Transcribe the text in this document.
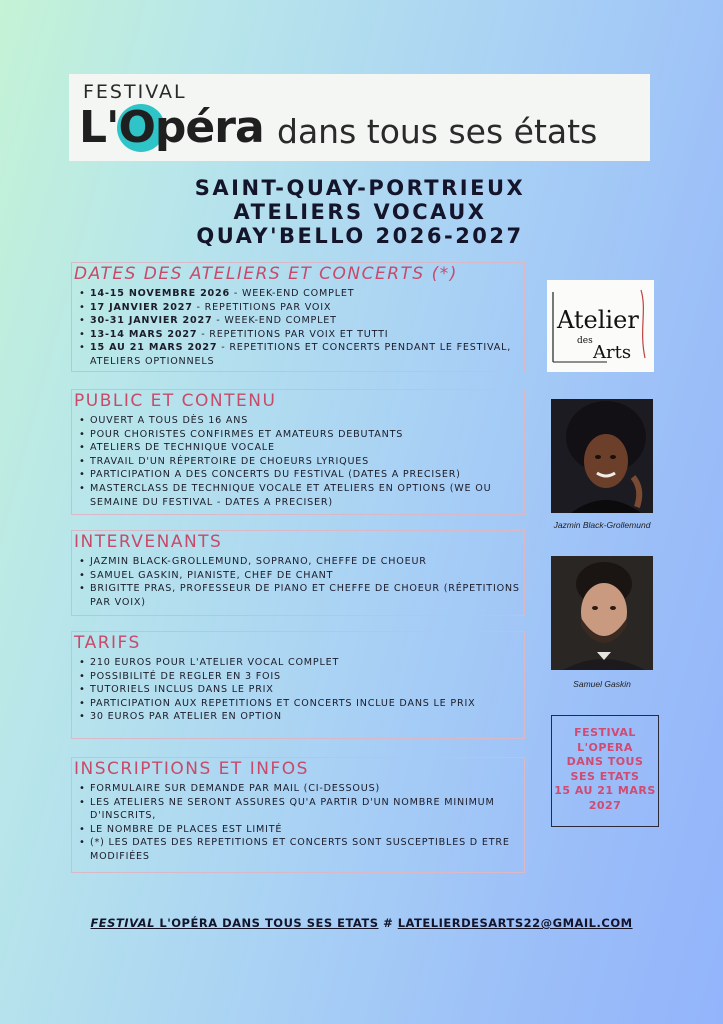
FESTIVAL
L'Opéra dans tous ses états
SAINT-QUAY-PORTRIEUX
ATELIERS VOCAUX
QUAY'BELLO 2026-2027
DATES DES ATELIERS ET CONCERTS (*)
• 14-15 NOVEMBRE 2026 - WEEK-END COMPLET
• 17 JANVIER 2027 - REPETITIONS PAR VOIX
• 30-31 JANVIER 2027 - WEEK-END COMPLET
• 13-14 MARS 2027 - REPETITIONS PAR VOIX ET TUTTI
• 15 AU 21 MARS 2027 - REPETITIONS ET CONCERTS PENDANT LE FESTIVAL, ATELIERS OPTIONNELS
PUBLIC ET CONTENU
• OUVERT A TOUS DÈS 16 ANS
• POUR CHORISTES CONFIRMES ET AMATEURS DEBUTANTS
• ATELIERS DE TECHNIQUE VOCALE
• TRAVAIL D'UN RÉPERTOIRE DE CHOEURS LYRIQUES
• PARTICIPATION A DES CONCERTS DU FESTIVAL (DATES A PRECISER)
• MASTERCLASS DE TECHNIQUE VOCALE ET ATELIERS EN OPTIONS (WE OU SEMAINE DU FESTIVAL - DATES A PRECISER)
INTERVENANTS
• JAZMIN BLACK-GROLLEMUND, SOPRANO, CHEFFE DE CHOEUR
• SAMUEL GASKIN, PIANISTE, CHEF DE CHANT
• BRIGITTE PRAS, PROFESSEUR DE PIANO ET CHEFFE DE CHOEUR (RÉPETITIONS PAR VOIX)
TARIFS
• 210 EUROS POUR L'ATELIER VOCAL COMPLET
• POSSIBILITÉ DE REGLER EN 3 FOIS
• TUTORIELS INCLUS DANS LE PRIX
• PARTICIPATION AUX REPETITIONS ET CONCERTS INCLUE DANS LE PRIX
• 30 EUROS PAR ATELIER EN OPTION
INSCRIPTIONS ET INFOS
• FORMULAIRE SUR DEMANDE PAR MAIL (CI-DESSOUS)
• LES ATELIERS NE SERONT ASSURES QU'A PARTIR D'UN NOMBRE MINIMUM D'INSCRITS,
• LE NOMBRE DE PLACES EST LIMITÉ
• (*) LES DATES DES REPETITIONS ET CONCERTS SONT SUSCEPTIBLES D ETRE MODIFIÉES
Atelier
des
Arts
Jazmin Black-Grollemund
Samuel Gaskin
FESTIVAL
L'OPERA
DANS TOUS
SES ETATS
15 AU 21 MARS
2027
FESTIVAL L'OPÉRA DANS TOUS SES ETATS # LATELIERDESARTS22@GMAIL.COM
